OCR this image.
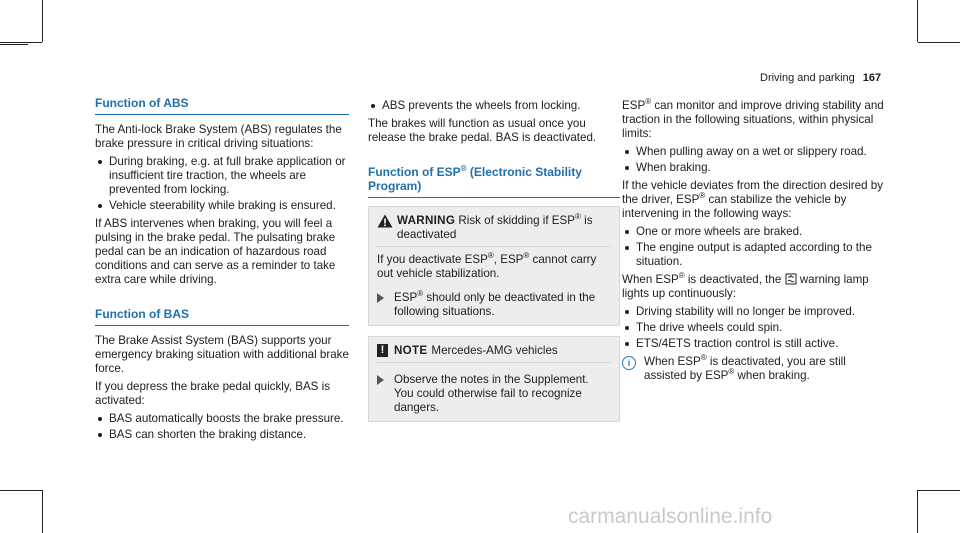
Driving and parking 167
Function of ABS

The Anti-lock Brake System (ABS) regulates the brake pressure in critical driving situations:

During braking, e.g. at full brake application or insufficient tire traction, the wheels are prevented from locking.
Vehicle steerability while braking is ensured.

If ABS intervenes when braking, you will feel a pulsing in the brake pedal. The pulsating brake pedal can be an indication of hazardous road conditions and can serve as a reminder to take extra care while driving.

Function of BAS

The Brake Assist System (BAS) supports your emergency braking situation with additional brake force.

If you depress the brake pedal quickly, BAS is activated:

BAS automatically boosts the brake pressure.
BAS can shorten the braking distance.
ABS prevents the wheels from locking.

The brakes will function as usual once you release the brake pedal. BAS is deactivated.

Function of ESP® (Electronic Stability Program)
WARNING Risk of skidding if ESP® is deactivated

If you deactivate ESP®, ESP® cannot carry out vehicle stabilization.

ESP® should only be deactivated in the following situations.
! NOTE Mercedes-AMG vehicles
Observe the notes in the Supplement. You could otherwise fail to recognize dangers.

ESP® can monitor and improve driving stability and traction in the following situations, within physical limits:

When pulling away on a wet or slippery road.
When braking.

If the vehicle deviates from the direction desired by the driver, ESP® can stabilize the vehicle by intervening in the following ways:

One or more wheels are braked.
The engine output is adapted according to the situation.

When ESP® is deactivated, the  warning lamp lights up continuously:

Driving stability will no longer be improved.
The drive wheels could spin.
ETS/4ETS traction control is still active.
i	When ESP® is deactivated, you are still assisted by ESP® when braking.
carmanualsonline.info
